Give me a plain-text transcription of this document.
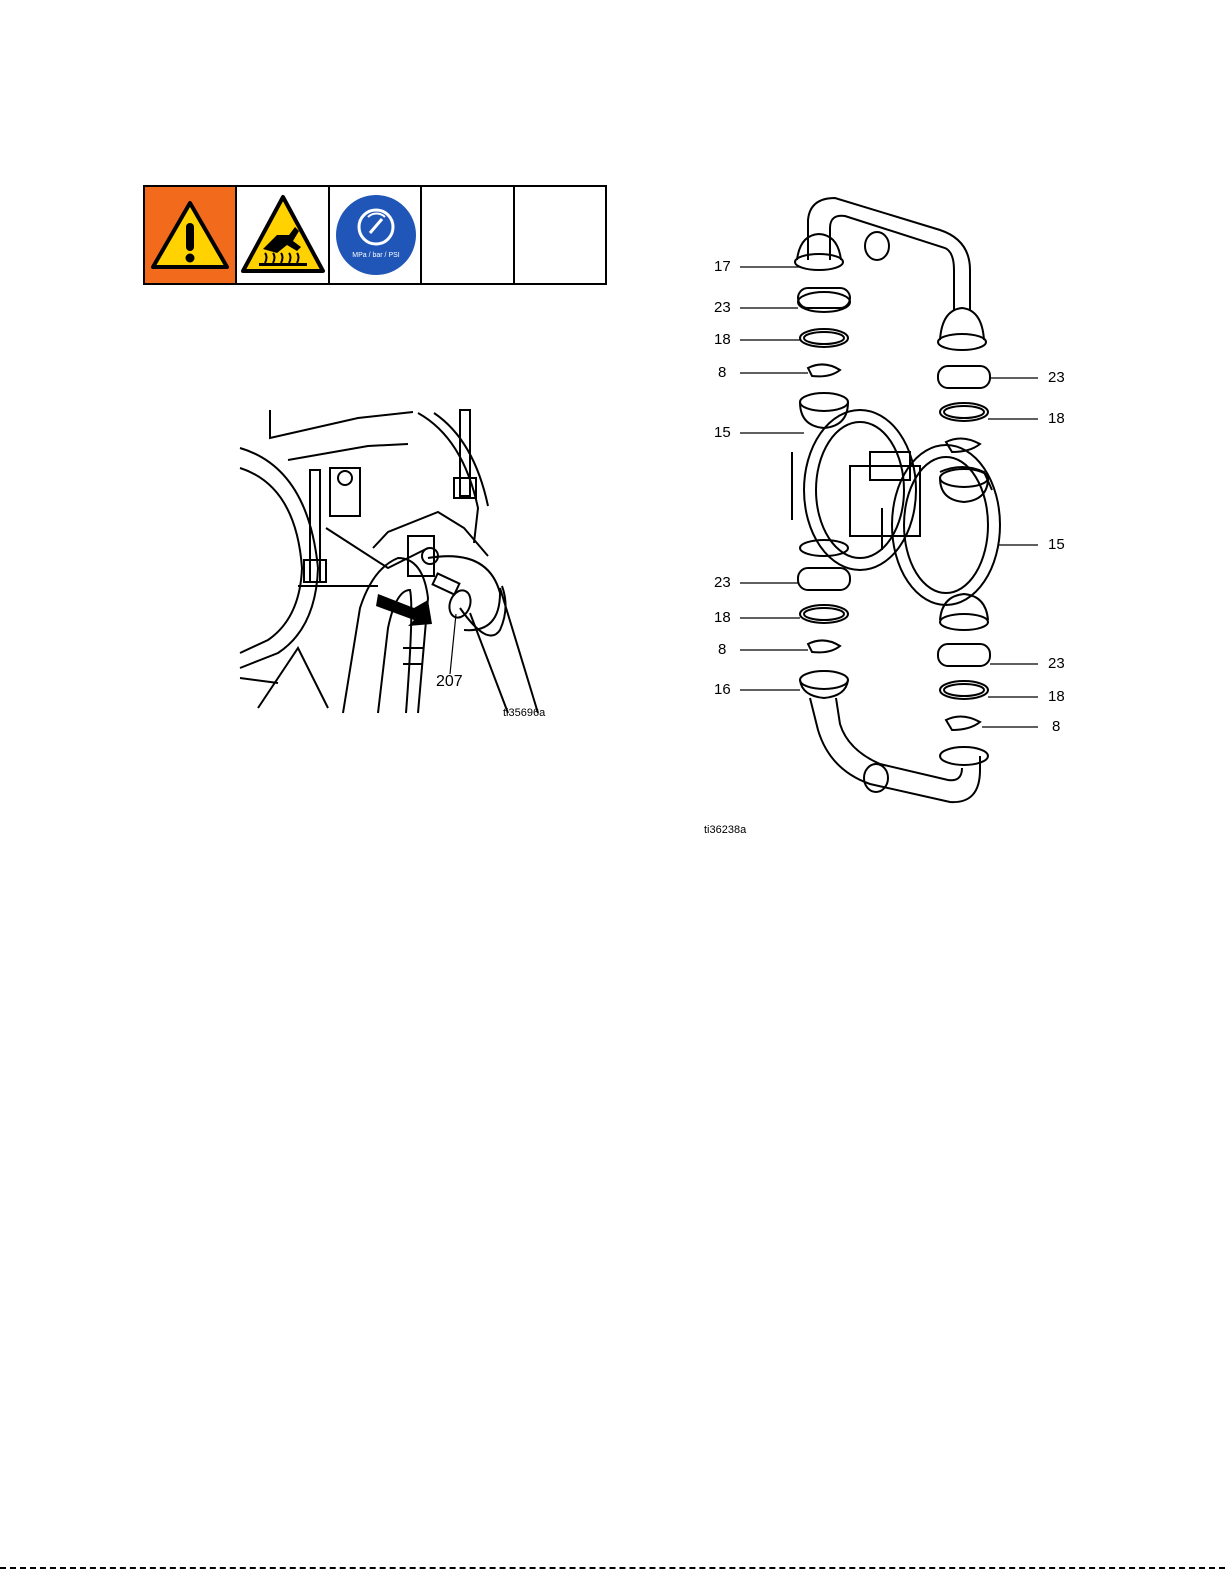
MPa / bar / PSI
207
ti35696a
17
23
18
8
15
23
18
8
16
23
18
15
23
18
8
ti36238a
